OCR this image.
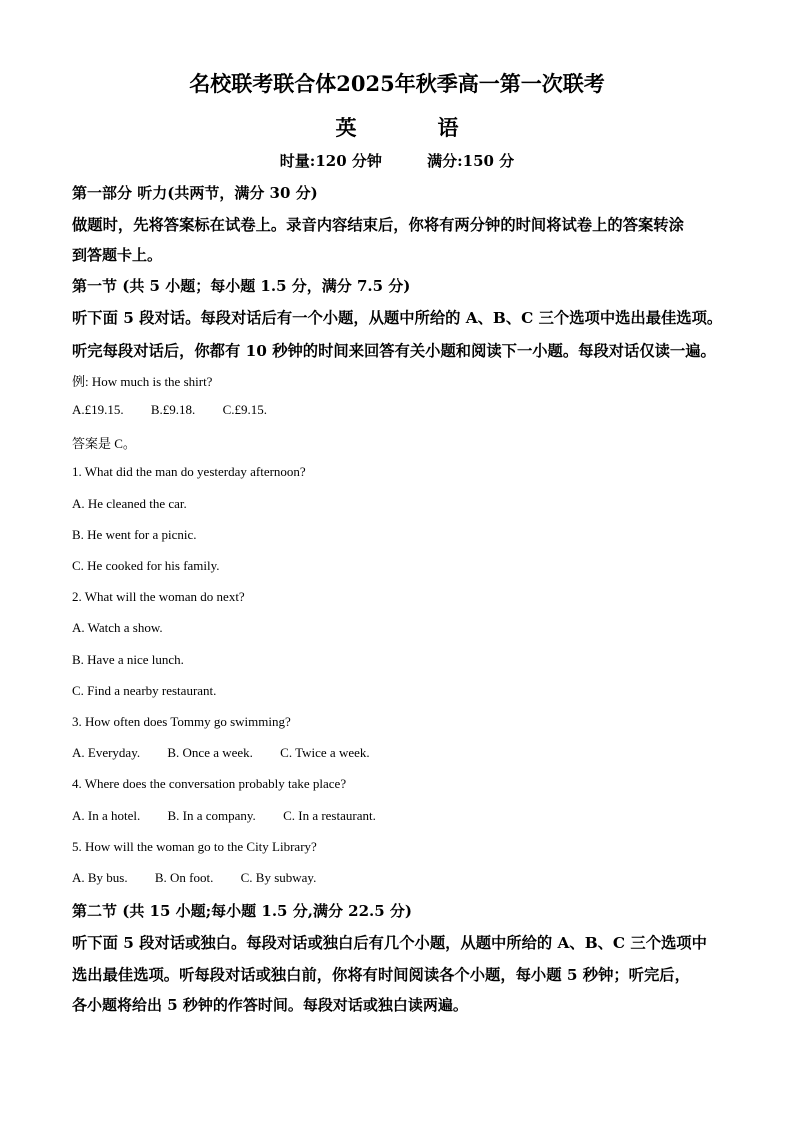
名校联考联合体2025年秋季高一第一次联考
英　语
时量:120 分钟	满分:150 分
第一部分 听力(共两节，满分 30 分)
做题时，先将答案标在试卷上。录音内容结束后，你将有两分钟的时间将试卷上的答案转涂
到答题卡上。
第一节 (共 5 小题；每小题 1.5 分，满分 7.5 分)
听下面 5 段对话。每段对话后有一个小题，从题中所给的 A、B、C 三个选项中选出最佳选项。
听完每段对话后，你都有 10 秒钟的时间来回答有关小题和阅读下一小题。每段对话仅读一遍。
例: How much is the shirt?
A.£19.15. B.£9.18. C.£9.15.
答案是 C。
1. What did the man do yesterday afternoon?
A. He cleaned the car.
B. He went for a picnic.
C. He cooked for his family.
2. What will the woman do next?
A. Watch a show.
B. Have a nice lunch.
C. Find a nearby restaurant.
3. How often does Tommy go swimming?
A. Everyday. B. Once a week. C. Twice a week.
4. Where does the conversation probably take place?
A. In a hotel. B. In a company. C. In a restaurant.
5. How will the woman go to the City Library?
A. By bus. B. On foot. C. By subway.
第二节 (共 15 小题;每小题 1.5 分,满分 22.5 分)
听下面 5 段对话或独白。每段对话或独白后有几个小题，从题中所给的 A、B、C 三个选项中
选出最佳选项。听每段对话或独白前，你将有时间阅读各个小题，每小题 5 秒钟；听完后，
各小题将给出 5 秒钟的作答时间。每段对话或独白读两遍。
